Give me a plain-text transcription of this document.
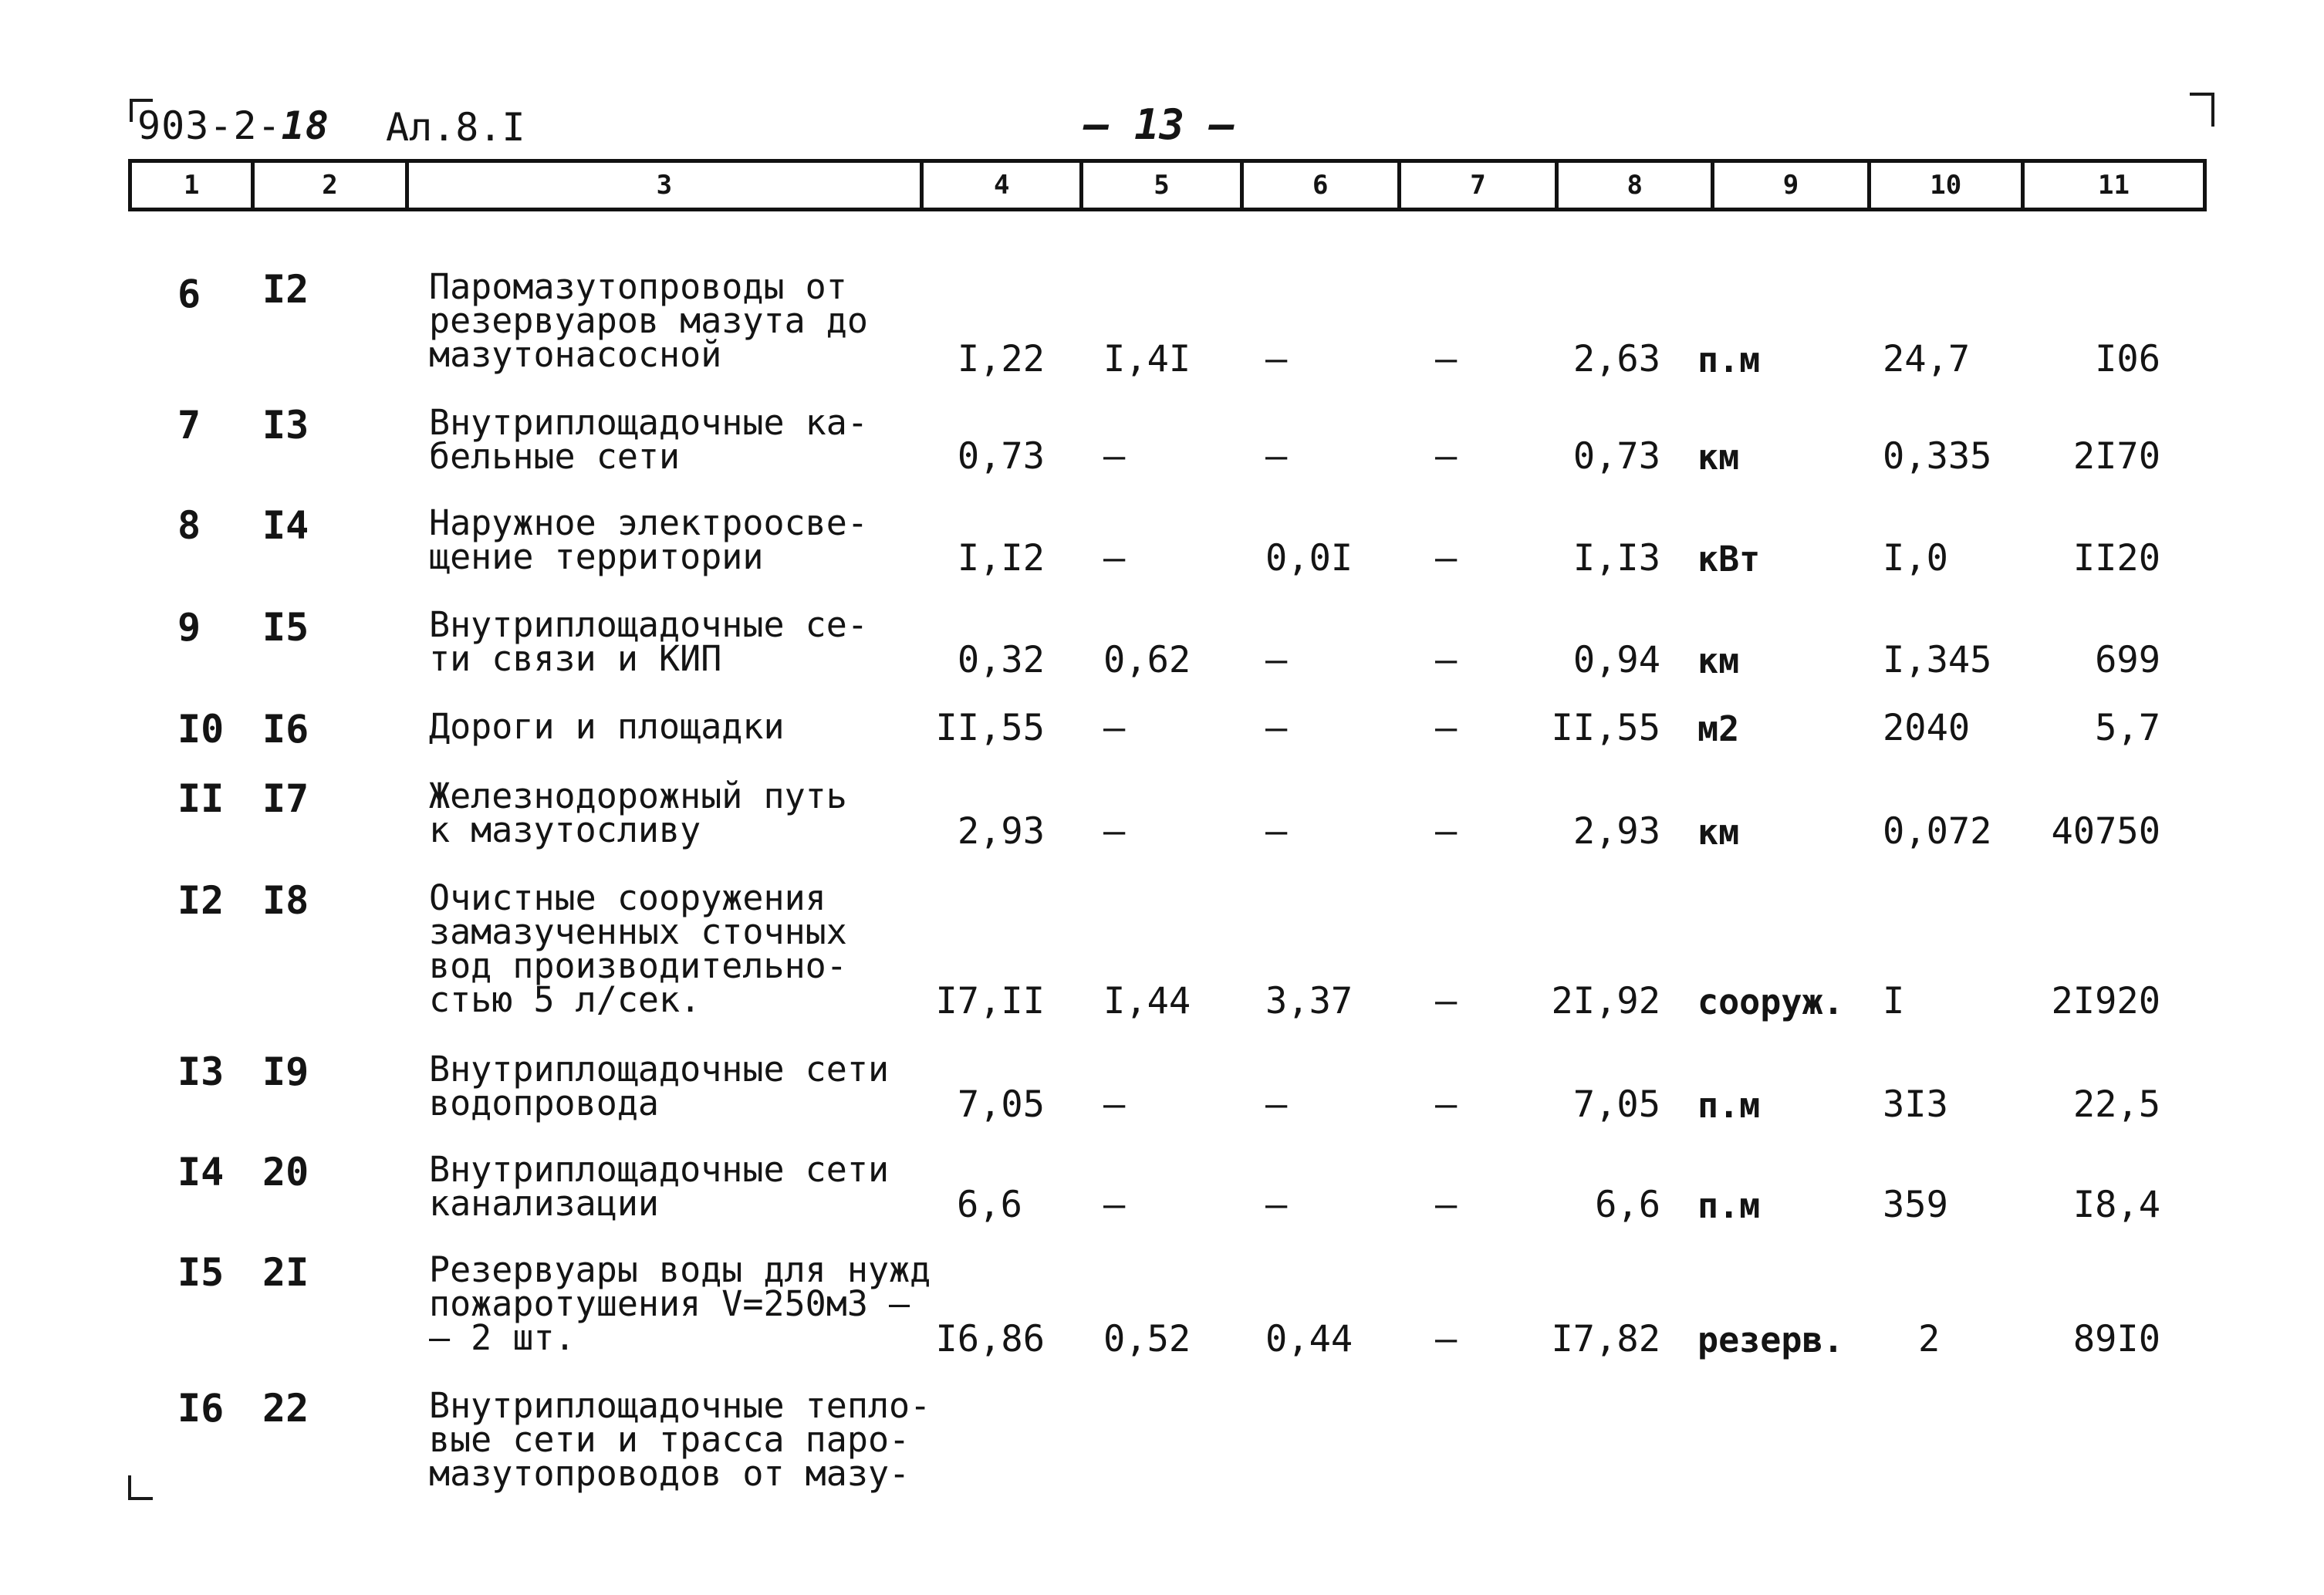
903-2-18 Ал.8.I	— 13 —
1	2	3	4	5	6	7	8	9	10	11
6 I2	Паромазутопроводы от
резервуаров мазута до
мазутонасосной	I,22 I,4I –	–	2,63 п.м	24,7	I06
7 I3	Внутриплощадочные ка-
бельные сети	0,73 –	–	–	0,73 км	0,335 2I70
8 I4	Наружное электроосве-
щение территории	I,I2 –	0,0I –	I,I3 кВт	I,0	II20
9 I5	Внутриплощадочные се-
ти связи и КИП	0,32 0,62 –	–	0,94 км	I,345	699
I0 I6	Дороги и площадки	II,55 –	–	–	II,55 м2	2040	5,7
II I7	Железнодорожный путь
к мазутосливу	2,93 –	–	–	2,93 км	0,072 40750
I2 I8	Очистные сооружения
замазученных сточных
вод производительно-
стью 5 л/сек.	I7,II I,44 3,37 –	2I,92 сооруж. I	2I920
I3 I9	Внутриплощадочные сети
водопровода	7,05 –	–	–	7,05 п.м	3I3	22,5
I4 20	Внутриплощадочные сети
канализации	6,6 –	–	–	6,6 п.м	359	I8,4
I5 2I	Резервуары воды для нужд
пожаротушения V=250м3 –
– 2 шт.	I6,86 0,52 0,44 –	I7,82 резерв. 2	89I0
I6 22	Внутриплощадочные тепло-
вые сети и трасса паро-
мазутопроводов от мазу-
